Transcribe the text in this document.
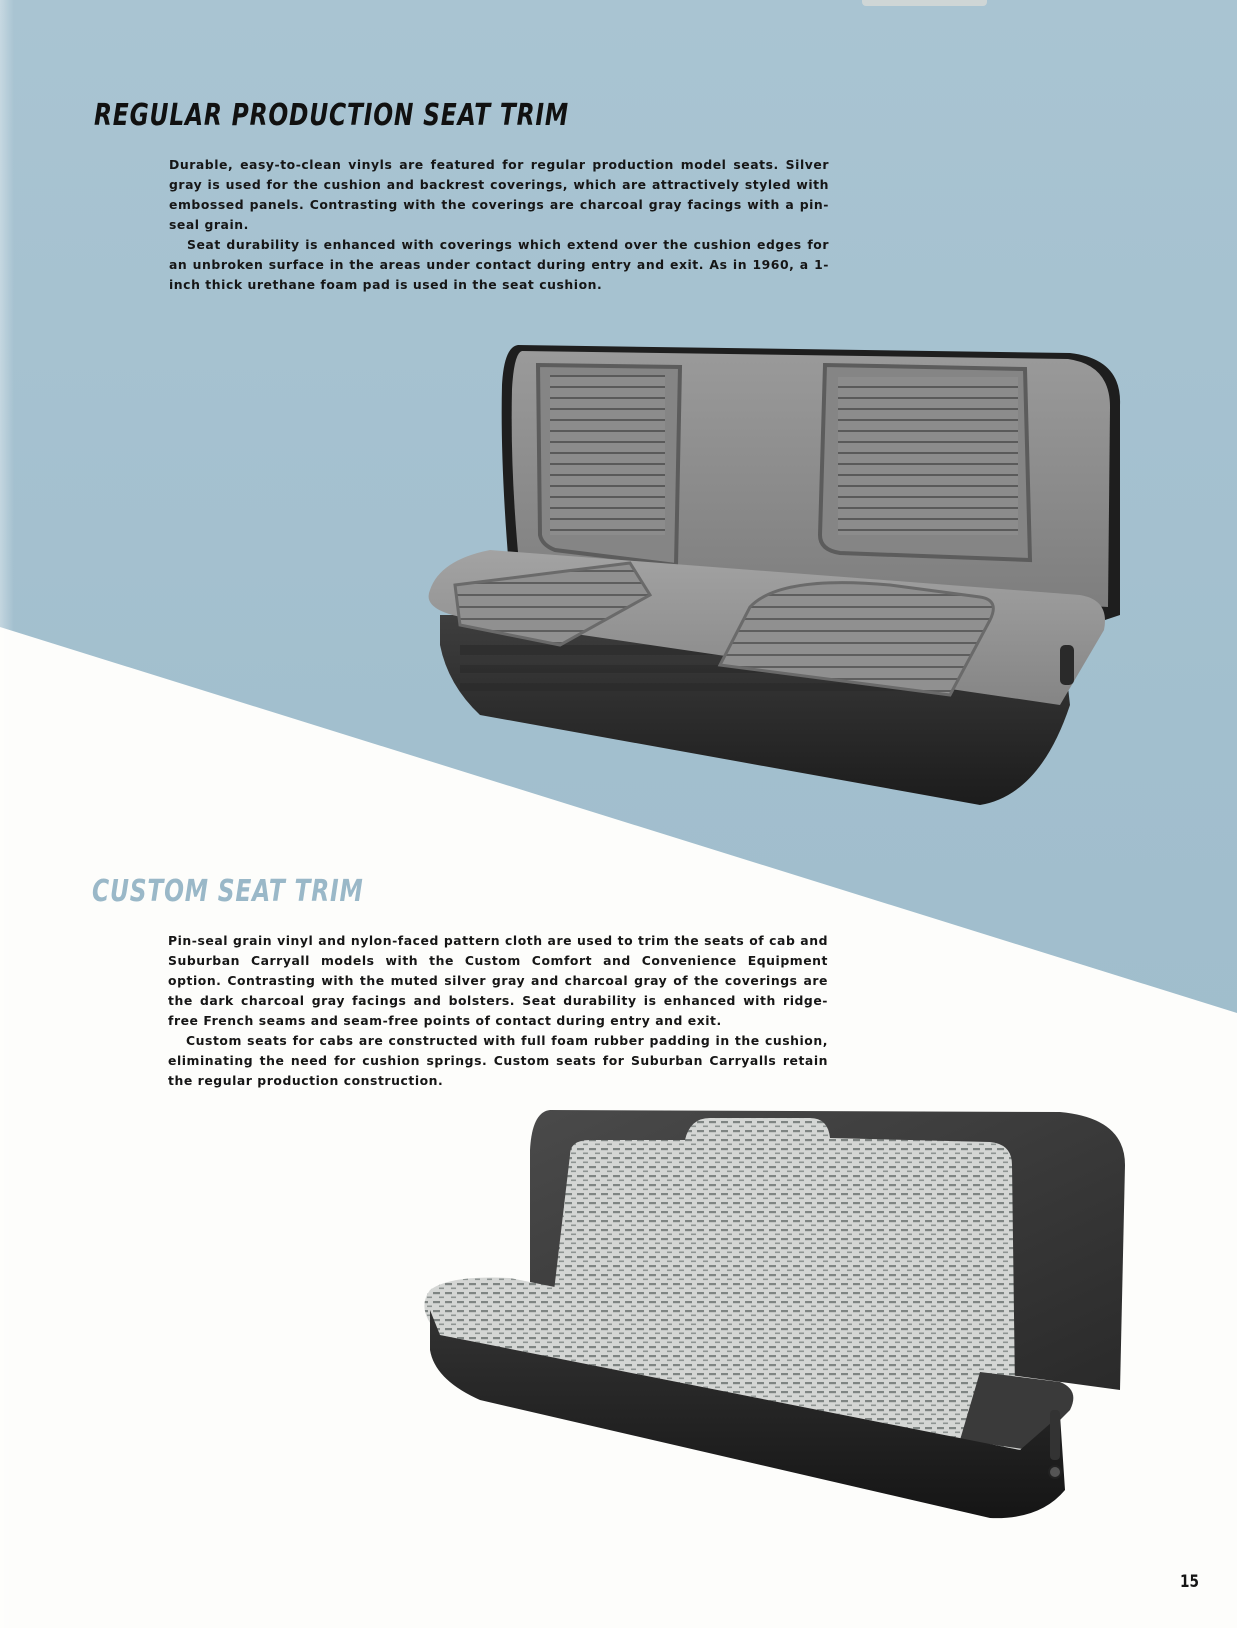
REGULAR PRODUCTION SEAT TRIM

Durable, easy-to-clean vinyls are featured for regular production model seats. Silver gray is used for the cushion and backrest coverings, which are attractively styled with embossed panels. Contrasting with the coverings are charcoal gray facings with a pin-seal grain.

Seat durability is enhanced with coverings which extend over the cushion edges for an unbroken surface in the areas under contact during entry and exit. As in 1960, a 1-inch thick urethane foam pad is used in the seat cushion.

CUSTOM SEAT TRIM

Pin-seal grain vinyl and nylon-faced pattern cloth are used to trim the seats of cab and Suburban Carryall models with the Custom Comfort and Convenience Equipment option. Contrasting with the muted silver gray and charcoal gray of the coverings are the dark charcoal gray facings and bolsters. Seat durability is enhanced with ridge-free French seams and seam-free points of contact during entry and exit.

Custom seats for cabs are constructed with full foam rubber padding in the cushion, eliminating the need for cushion springs. Custom seats for Suburban Carryalls retain the regular production construction.

15
